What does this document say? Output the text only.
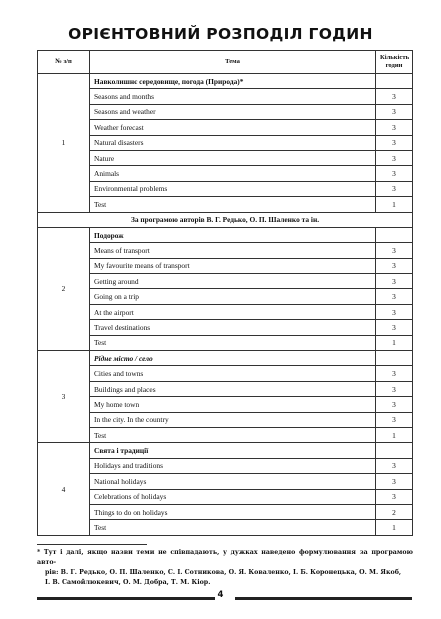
ОРІЄНТОВНИЙ РОЗПОДІЛ ГОДИН
№ з/п	Тема	Кількість годин
1	Навколишнє середовище, погода (Природа)*	
	Seasons and months	3
	Seasons and weather	3
	Weather forecast	3
	Natural disasters	3
	Nature	3
	Animals	3
	Environmental problems	3
	Test	1
За програмою авторів В. Г. Редько, О. П. Шаленко та ін.		
2	Подорож	
	Means of transport	3
	My favourite means of transport	3
	Getting around	3
	Going on a trip	3
	At the airport	3
	Travel destinations	3
	Test	1
3	Рідне місто / село	
	Cities and towns	3
	Buildings and places	3
	My home town	3
	In the city. In the country	3
	Test	1
4	Свята і традиції	
	Holidays and traditions	3
	National holidays	3
	Celebrations of holidays	3
	Things to do on holidays	2
	Test	1
* Тут і далі, якщо назви теми не співпадають, у дужках наведено формулювання за програмою авто-
рів: В. Г. Редько, О. П. Шаленко, С. І. Сотникова, О. Я. Коваленко, І. Б. Коронецька, О. М. Якоб,
І. В. Самойлюкевич, О. М. Добра, Т. М. Кіор.
4
